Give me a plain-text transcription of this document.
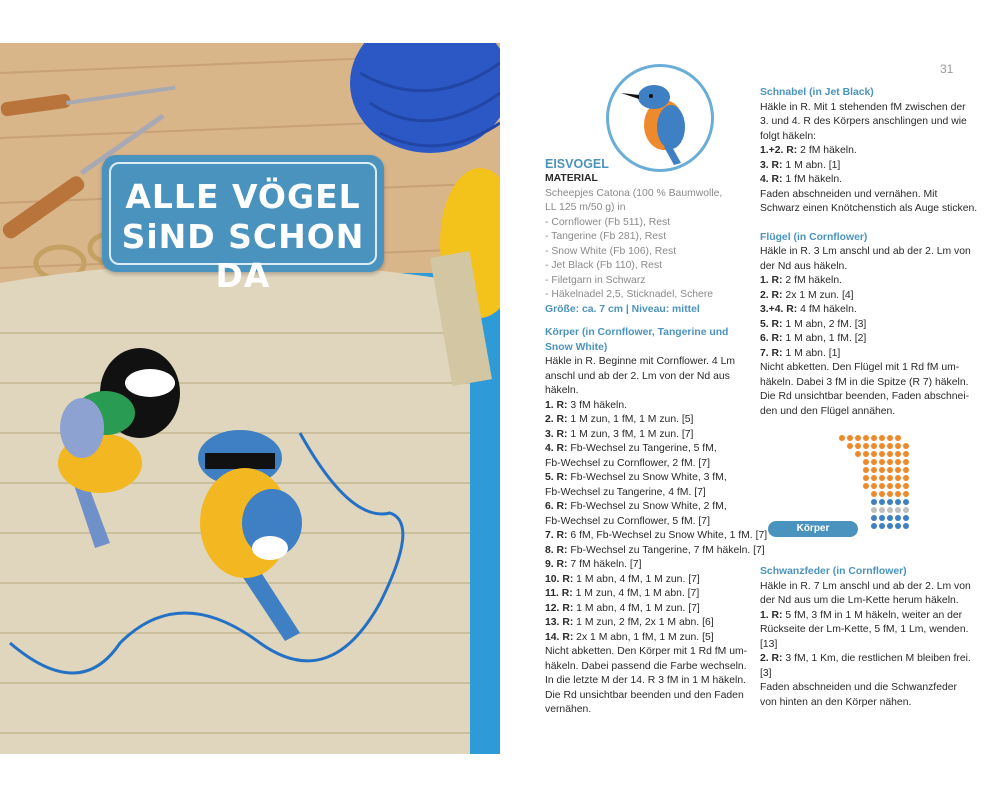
ALLE VÖGEL
SiND SCHON DA
31
EISVOGEL
MATERIAL
Scheepjes Catona (100 % Baumwolle,
LL 125 m/50 g) in
- Cornflower (Fb 511), Rest
- Tangerine (Fb 281), Rest
- Snow White (Fb 106), Rest
- Jet Black (Fb 110), Rest
- Filetgarn in Schwarz
- Häkelnadel 2,5, Sticknadel, Schere
Größe: ca. 7 cm | Niveau: mittel
Körper (in Cornflower, Tangerine und
Snow White)
Häkle in R. Beginne mit Cornflower. 4 Lm
anschl und ab der 2. Lm von der Nd aus
häkeln.
1. R: 3 fM häkeln.
2. R: 1 M zun, 1 fM, 1 M zun. [5]
3. R: 1 M zun, 3 fM, 1 M zun. [7]
4. R: Fb-Wechsel zu Tangerine, 5 fM,
Fb-Wechsel zu Cornflower, 2 fM. [7]
5. R: Fb-Wechsel zu Snow White, 3 fM,
Fb-Wechsel zu Tangerine, 4 fM. [7]
6. R: Fb-Wechsel zu Snow White, 2 fM,
Fb-Wechsel zu Cornflower, 5 fM. [7]
7. R: 6 fM, Fb-Wechsel zu Snow White, 1 fM. [7]
8. R: Fb-Wechsel zu Tangerine, 7 fM häkeln. [7]
9. R: 7 fM häkeln. [7]
10. R: 1 M abn, 4 fM, 1 M zun. [7]
11. R: 1 M zun, 4 fM, 1 M abn. [7]
12. R: 1 M abn, 4 fM, 1 M zun. [7]
13. R: 1 M zun, 2 fM, 2x 1 M abn. [6]
14. R: 2x 1 M abn, 1 fM, 1 M zun. [5]
Nicht abketten. Den Körper mit 1 Rd fM um-
häkeln. Dabei passend die Farbe wechseln.
In die letzte M der 14. R 3 fM in 1 M häkeln.
Die Rd unsichtbar beenden und den Faden
vernähen.
Schnabel (in Jet Black)
Häkle in R. Mit 1 stehenden fM zwischen der
3. und 4. R des Körpers anschlingen und wie
folgt häkeln:
1.+2. R: 2 fM häkeln.
3. R: 1 M abn. [1]
4. R: 1 fM häkeln.
Faden abschneiden und vernähen. Mit
Schwarz einen Knötchenstich als Auge sticken.
Flügel (in Cornflower)
Häkle in R. 3 Lm anschl und ab der 2. Lm von
der Nd aus häkeln.
1. R: 2 fM häkeln.
2. R: 2x 1 M zun. [4]
3.+4. R: 4 fM häkeln.
5. R: 1 M abn, 2 fM. [3]
6. R: 1 M abn, 1 fM. [2]
7. R: 1 M abn. [1]
Nicht abketten. Den Flügel mit 1 Rd fM um-
häkeln. Dabei 3 fM in die Spitze (R 7) häkeln.
Die Rd unsichtbar beenden, Faden abschnei-
den und den Flügel annähen.
Schwanzfeder (in Cornflower)
Häkle in R. 7 Lm anschl und ab der 2. Lm von
der Nd aus um die Lm-Kette herum häkeln.
1. R: 5 fM, 3 fM in 1 M häkeln, weiter an der
Rückseite der Lm-Kette, 5 fM, 1 Lm, wenden.
[13]
2. R: 3 fM, 1 Km, die restlichen M bleiben frei.
[3]
Faden abschneiden und die Schwanzfeder
von hinten an den Körper nähen.
Körper
